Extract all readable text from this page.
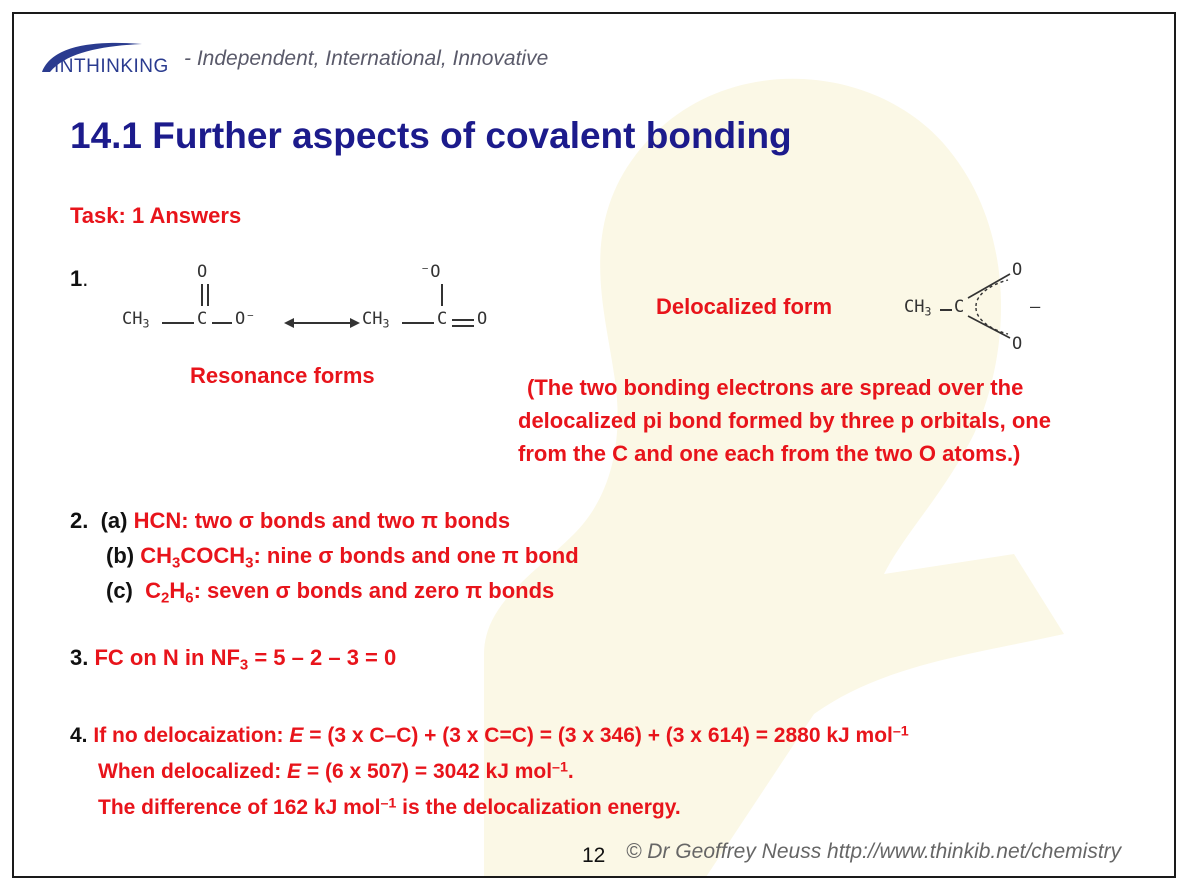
INTHINKING - Independent, International, Innovative
14.1 Further aspects of covalent bonding
Task: 1 Answers
1.	O
$CH_3$	C O⁻
⁻O
$CH_3$	C O
Resonance forms
Delocalized form	$CH_3$ C
O
O
–
(The two bonding electrons are spread over the
delocalized pi bond formed by three p orbitals, one
from the C and one each from the two O atoms.)
2. (a) HCN: two σ bonds and two π bonds
(b) $CH_3COCH_3$: nine σ bonds and one π bond
(c) $C_2H_6$: seven σ bonds and zero π bonds
3. FC on N in $NF_3 = 5 - 2 - 3 = 0$
4. If no delocaization: E = (3 x C–C) + (3 x C=C) = (3 x 346) + (3 x 614) = 2880 kJ mol$^{-1}$
When delocalized: E = (6 x 507) = 3042 kJ mol$^{-1}$.
The difference of 162 kJ mol$^{-1}$ is the delocalization energy.
12 © Dr Geoffrey Neuss http://www.thinkib.net/chemistry
